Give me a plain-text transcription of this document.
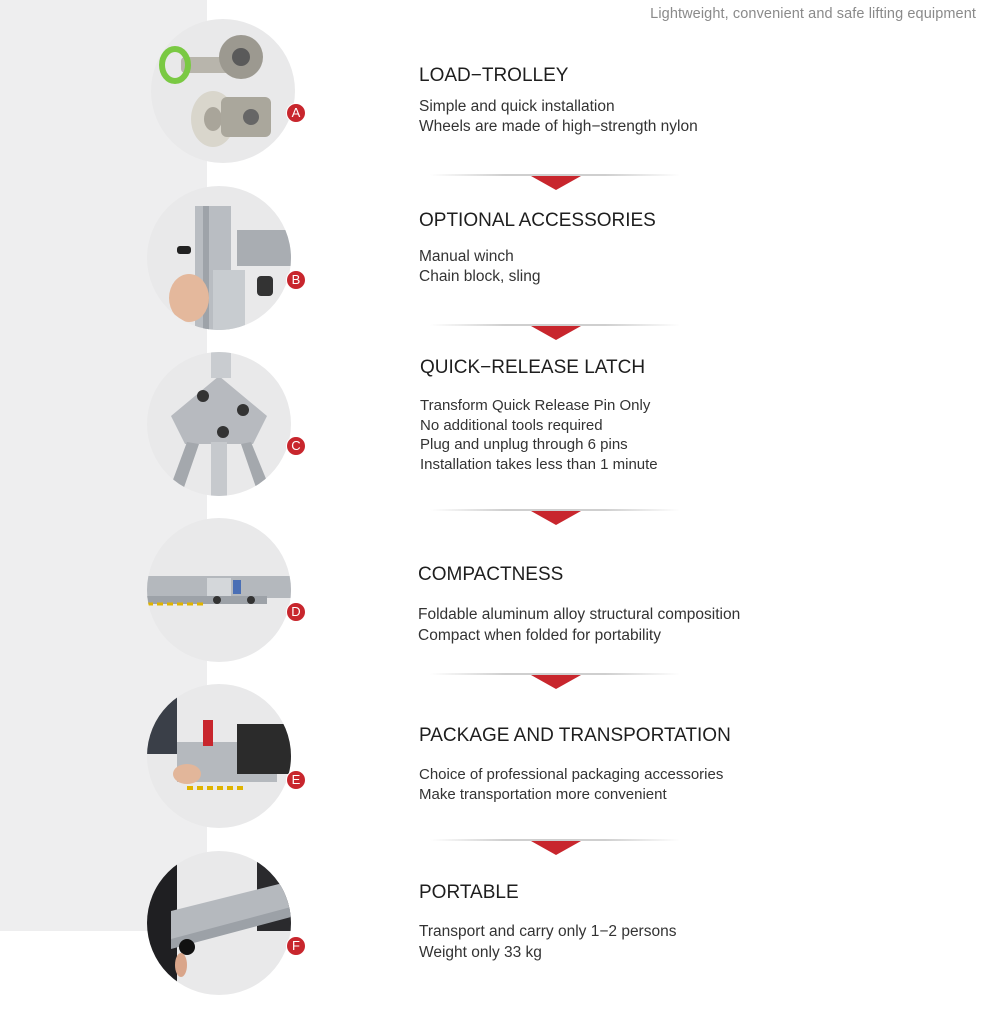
Lightweight, convenient and safe lifting equipment
A
LOAD−TROLLEY
Simple and quick installation
Wheels are made of high−strength nylon
B
OPTIONAL ACCESSORIES
Manual winch
Chain block, sling
C
QUICK−RELEASE LATCH
Transform Quick Release Pin Only
No additional tools required
Plug and unplug through 6 pins
Installation takes less than 1 minute
D
COMPACTNESS
Foldable aluminum alloy structural composition
Compact when folded for portability
E
PACKAGE AND TRANSPORTATION
Choice of professional packaging accessories
Make transportation more convenient
F
PORTABLE
Transport and carry only 1−2 persons
Weight only 33 kg
